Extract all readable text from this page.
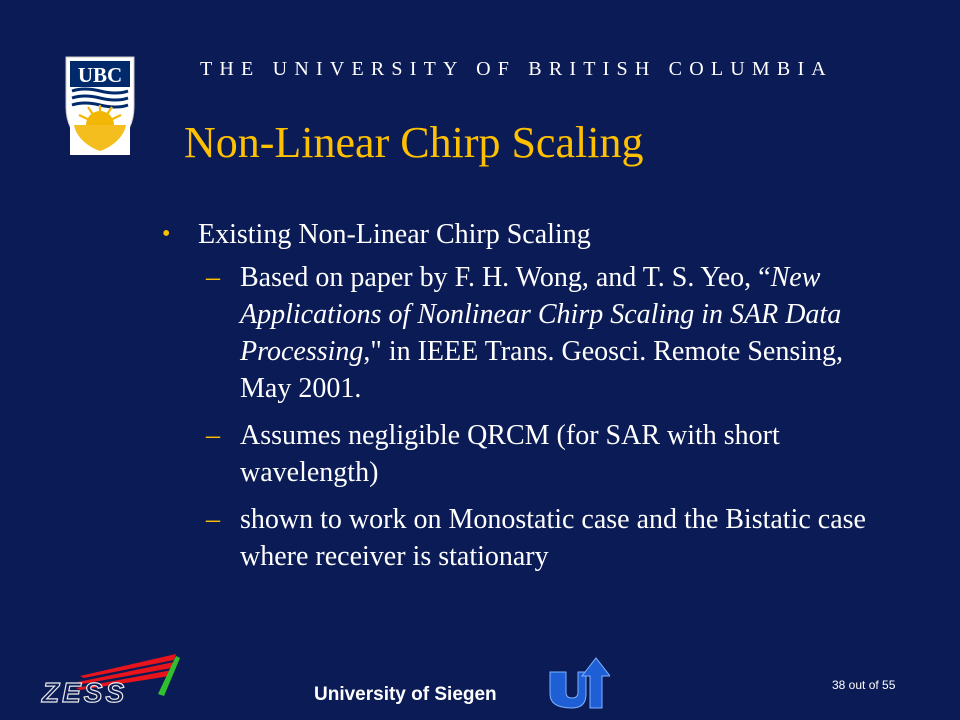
UBC	THE UNIVERSITY OF BRITISH COLUMBIA
Non-Linear Chirp Scaling
• Existing Non-Linear Chirp Scaling
– Based on paper by F. H. Wong, and T. S. Yeo, “New Applications of Nonlinear Chirp Scaling in SAR Data Processing," in IEEE Trans. Geosci. Remote Sensing, May 2001.
– Assumes negligible QRCM (for SAR with short wavelength)
– shown to work on Monostatic case and the Bistatic case where receiver is stationary
ZESS	University of Siegen	38 out of 55
